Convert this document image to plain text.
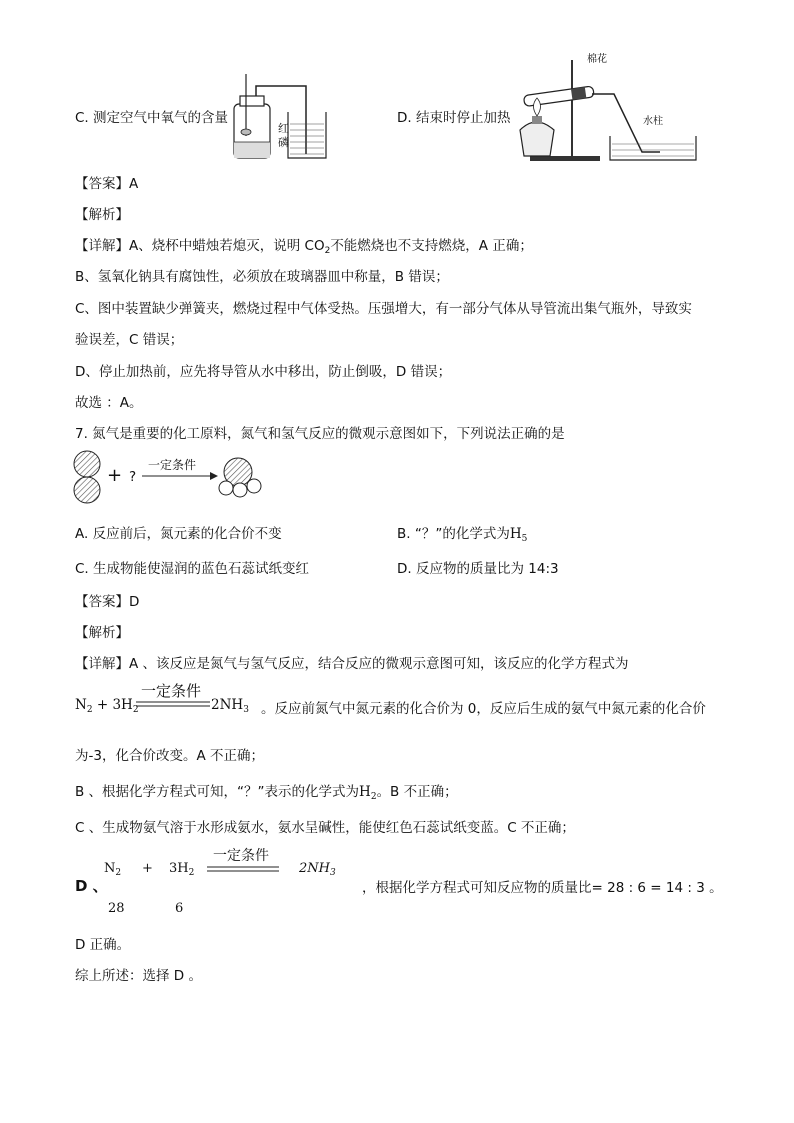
C. 测定空气中氧气的含量
红
磷
D. 结束时停止加热
棉花
水柱
【答案】A
【解析】
【详解】A、烧杯中蜡烛若熄灭，说明 $CO_2$不能燃烧也不支持燃烧，A 正确；
B、氢氧化钠具有腐蚀性，必须放在玻璃器皿中称量，B 错误；
C、图中装置缺少弹簧夹，燃烧过程中气体受热。压强增大，有一部分气体从导管流出集气瓶外，导致实
验误差，C 错误；
D、停止加热前，应先将导管从水中移出，防止倒吸，D 错误；
故选 ：A。
7. 氮气是重要的化工原料，氮气和氢气反应的微观示意图如下，下列说法正确的是
+ ?
一定条件
A. 反应前后，氮元素的化合价不变	B. “？”的化学式为$H_5$
C. 生成物能使湿润的蓝色石蕊试纸变红	D. 反应物的质量比为 14:3
【答案】D
【解析】
【详解】A 、该反应是氮气与氢气反应，结合反应的微观示意图可知，该反应的化学方程式为
$N_2 + 3H_2$
一定条件
$2NH_3$ 。反应前氮气中氮元素的化合价为 0，反应后生成的氨气中氮元素的化合价
为-3，化合价改变。A 不正确；
B 、根据化学方程式可知，“？”表示的化学式为$H_2$。B 不正确；
C 、生成物氨气溶于水形成氨水，氨水呈碱性，能使红色石蕊试纸变蓝。C 不正确；
D 、
$N_2 + 3H_2$
一定条件
$2NH_3$
28	6
，根据化学方程式可知反应物的质量比= 28 : 6 = 14 : 3 。
D 正确。
综上所述：选择 D 。
